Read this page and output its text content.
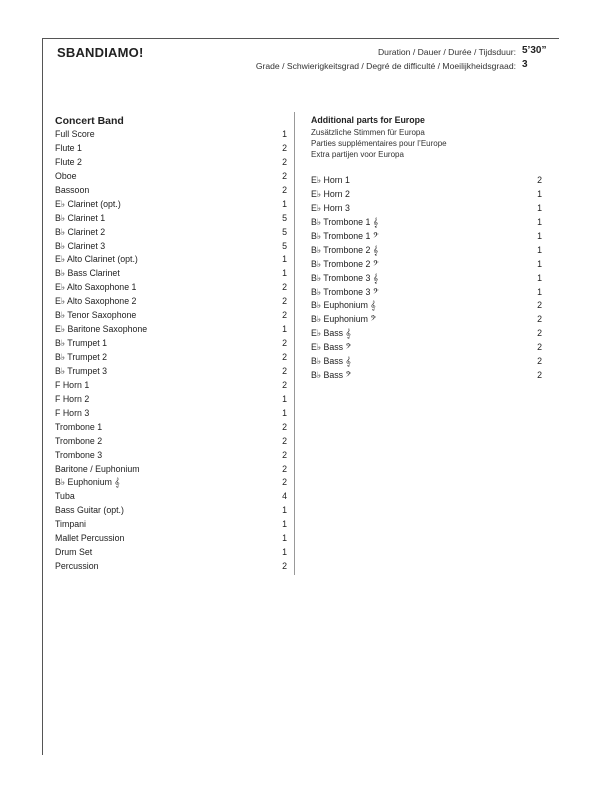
SBANDIAMO!	Duration / Dauer / Durée / Tijdsduur: 5’30”
Grade / Schwierigkeitsgrad / Degré de difficulté / Moeilijkheidsgraad: 3
Concert Band
Full Score	1
Flute 1	2
Flute 2	2
Oboe	2
Bassoon	2
E♭ Clarinet (opt.)	1
B♭ Clarinet 1	5
B♭ Clarinet 2	5
B♭ Clarinet 3	5
E♭ Alto Clarinet (opt.)	1
B♭ Bass Clarinet	1
E♭ Alto Saxophone 1	2
E♭ Alto Saxophone 2	2
B♭ Tenor Saxophone	2
E♭ Baritone Saxophone	1
B♭ Trumpet 1	2
B♭ Trumpet 2	2
B♭ Trumpet 3	2
F Horn 1	2
F Horn 2	1
F Horn 3	1
Trombone 1	2
Trombone 2	2
Trombone 3	2
Baritone / Euphonium	2
B♭ Euphonium 𝄞	2
Tuba	4
Bass Guitar (opt.)	1
Timpani	1
Mallet Percussion	1
Drum Set	1
Percussion	2
Additional parts for Europe
Zusätzliche Stimmen für Europa
Parties supplémentaires pour l’Europe
Extra partijen voor Europa
E♭ Horn 1	2
E♭ Horn 2	1
E♭ Horn 3	1
B♭ Trombone 1 𝄞	1
B♭ Trombone 1 𝄢	1
B♭ Trombone 2 𝄞	1
B♭ Trombone 2 𝄢	1
B♭ Trombone 3 𝄞	1
B♭ Trombone 3 𝄢	1
B♭ Euphonium 𝄞	2
B♭ Euphonium 𝄢	2
E♭ Bass 𝄞	2
E♭ Bass 𝄢	2
B♭ Bass 𝄞	2
B♭ Bass 𝄢	2
